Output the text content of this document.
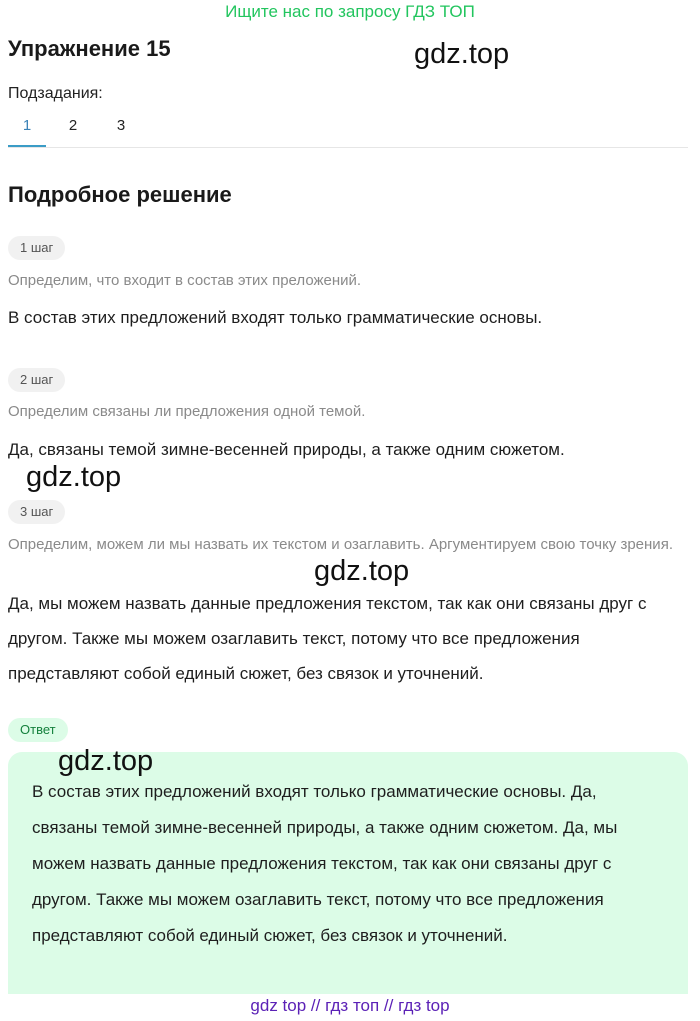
Ищите нас по запросу ГДЗ ТОП
Упражнение 15	gdz.top
Подзадания:
1	2	3
Подробное решение
1 шаг
Определим, что входит в состав этих преложений.
В состав этих предложений входят только грамматические основы.
2 шаг
Определим связаны ли предложения одной темой.
Да, связаны темой зимне-весенней природы, а также одним сюжетом.
gdz.top
3 шаг
Определим, можем ли мы назвать их текстом и озаглавить. Аргументируем свою точку зрения.
gdz.top
Да, мы можем назвать данные предложения текстом, так как они связаны друг с другом. Также мы можем озаглавить текст, потому что все предложения представляют собой единый сюжет, без связок и уточнений.
Ответ
В состав этих предложений входят только грамматические основы. Да, связаны темой зимне-весенней природы, а также одним сюжетом. Да, мы можем назвать данные предложения текстом, так как они связаны друг с другом. Также мы можем озаглавить текст, потому что все предложения представляют собой единый сюжет, без связок и уточнений.
gdz.top
gdz top // гдз топ // гдз top
